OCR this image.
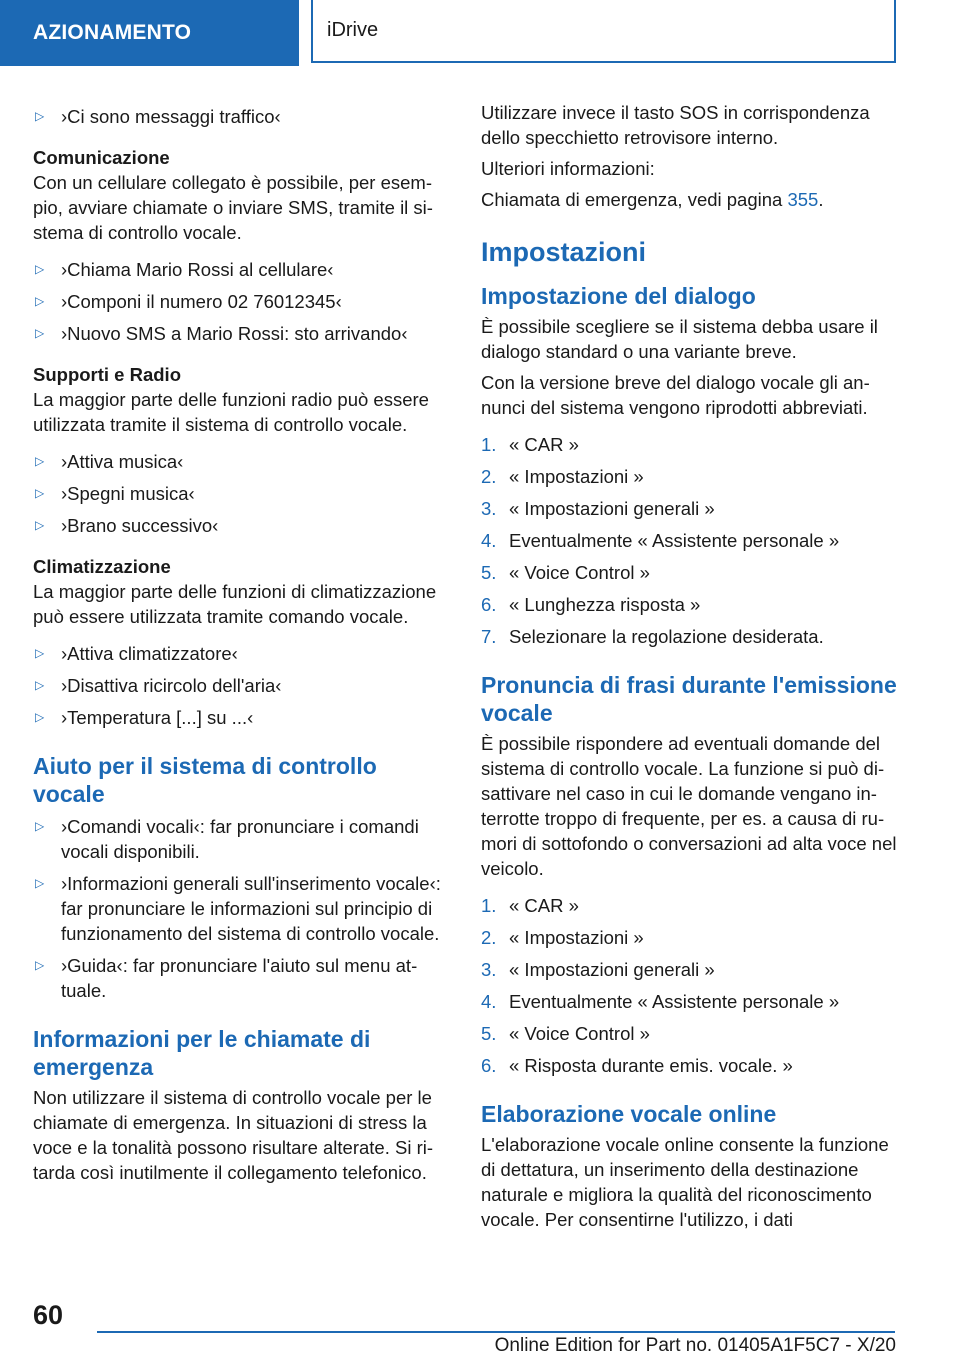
AZIONAMENTO	iDrive
▷ ›Ci sono messaggi traffico‹
Comunicazione

Con un cellulare collegato è possibile, per esempio, avviare chiamate o inviare SMS, tramite il sistema di controllo vocale.

▷ ›Chiama Mario Rossi al cellulare‹
▷ ›Componi il numero 02 76012345‹
▷ ›Nuovo SMS a Mario Rossi: sto arrivando‹
Supporti e Radio

La maggior parte delle funzioni radio può essere utilizzata tramite il sistema di controllo vocale.

▷ ›Attiva musica‹
▷ ›Spegni musica‹
▷ ›Brano successivo‹
Climatizzazione

La maggior parte delle funzioni di climatizzazione può essere utilizzata tramite comando vocale.

▷ ›Attiva climatizzatore‹
▷ ›Disattiva ricircolo dell'aria‹
▷ ›Temperatura [...] su ...‹
Aiuto per il sistema di controllo vocale
▷ ›Comandi vocali‹: far pronunciare i comandi vocali disponibili.
▷ ›Informazioni generali sull'inserimento vocale‹: far pronunciare le informazioni sul principio di funzionamento del sistema di controllo vocale.
▷ ›Guida‹: far pronunciare l'aiuto sul menu attuale.
Informazioni per le chiamate di emergenza

Non utilizzare il sistema di controllo vocale per le chiamate di emergenza. In situazioni di stress la voce e la tonalità possono risultare alterate. Si ritarda così inutilmente il collegamento telefonico.

Utilizzare invece il tasto SOS in corrispondenza dello specchietto retrovisore interno.

Ulteriori informazioni:

Chiamata di emergenza, vedi pagina 355.

Impostazioni
Impostazione del dialogo

È possibile scegliere se il sistema debba usare il dialogo standard o una variante breve.

Con la versione breve del dialogo vocale gli annunci del sistema vengono riprodotti abbreviati.

1. « CAR »
2. « Impostazioni »
3. « Impostazioni generali »
4. Eventualmente « Assistente personale »
5. « Voice Control »
6. « Lunghezza risposta »
7. Selezionare la regolazione desiderata.
Pronuncia di frasi durante l'emissione vocale

È possibile rispondere ad eventuali domande del sistema di controllo vocale. La funzione si può disattivare nel caso in cui le domande vengano interrotte troppo di frequente, per es. a causa di rumori di sottofondo o conversazioni ad alta voce nel veicolo.

1. « CAR »
2. « Impostazioni »
3. « Impostazioni generali »
4. Eventualmente « Assistente personale »
5. « Voice Control »
6. « Risposta durante emis. vocale. »
Elaborazione vocale online

L'elaborazione vocale online consente la funzione di dettatura, un inserimento della destinazione naturale e migliora la qualità del riconoscimento vocale. Per consentirne l'utilizzo, i dati

60
Online Edition for Part no. 01405A1F5C7 - X/20
